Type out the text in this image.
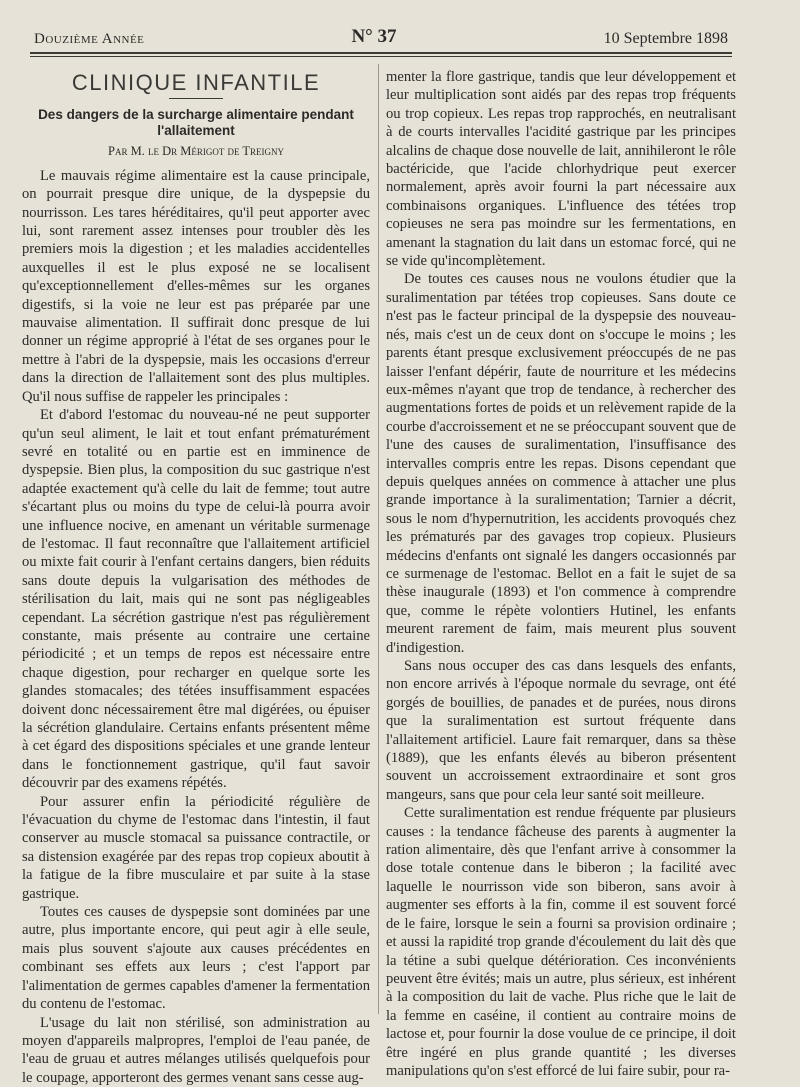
Douzième Année	N° 37	10 Septembre 1898
CLINIQUE INFANTILE
Des dangers de la surcharge alimentaire pendant l'allaitement
Par M. le Dr Mérigot de Treigny

Le mauvais régime alimentaire est la cause principale, on pourrait presque dire unique, de la dyspepsie du nourrisson. Les tares héréditaires, qu'il peut apporter avec lui, sont rarement assez intenses pour troubler dès les premiers mois la digestion ; et les maladies accidentelles auxquelles il est le plus exposé ne se localisent qu'exceptionnellement d'elles-mêmes sur les organes digestifs, si la voie ne leur est pas préparée par une mauvaise alimentation. Il suffirait donc presque de lui donner un régime approprié à l'état de ses organes pour le mettre à l'abri de la dyspepsie, mais les occasions d'erreur dans la direction de l'allaitement sont des plus multiples. Qu'il nous suffise de rappeler les principales :

Et d'abord l'estomac du nouveau-né ne peut supporter qu'un seul aliment, le lait et tout enfant prématurément sevré en totalité ou en partie est en imminence de dyspepsie. Bien plus, la composition du suc gastrique n'est adaptée exactement qu'à celle du lait de femme; tout autre s'écartant plus ou moins du type de celui-là pourra avoir une influence nocive, en amenant un véritable surmenage de l'estomac. Il faut reconnaître que l'allaitement artificiel ou mixte fait courir à l'enfant certains dangers, bien réduits sans doute depuis la vulgarisation des méthodes de stérilisation du lait, mais qui ne sont pas négligeables cependant. La sécrétion gastrique n'est pas régulièrement constante, mais présente au contraire une certaine périodicité ; et un temps de repos est nécessaire entre chaque digestion, pour recharger en quelque sorte les glandes stomacales; des tétées insuffisamment espacées doivent donc nécessairement être mal digérées, ou épuiser la sécrétion glandulaire. Certains enfants présentent même à cet égard des dispositions spéciales et une grande lenteur dans le fonctionnement gastrique, qu'il faut savoir découvrir par des examens répétés.

Pour assurer enfin la périodicité régulière de l'évacuation du chyme de l'estomac dans l'intestin, il faut conserver au muscle stomacal sa puissance contractile, or sa distension exagérée par des repas trop copieux aboutit à la fatigue de la fibre musculaire et par suite à la stase gastrique.

Toutes ces causes de dyspepsie sont dominées par une autre, plus importante encore, qui peut agir à elle seule, mais plus souvent s'ajoute aux causes précédentes en combinant ses effets aux leurs ; c'est l'apport par l'alimentation de germes capables d'amener la fermentation du contenu de l'estomac.

L'usage du lait non stérilisé, son administration au moyen d'appareils malpropres, l'emploi de l'eau panée, de l'eau de gruau et autres mélanges utilisés quelquefois pour le coupage, apporteront des germes venant sans cesse aug-

menter la flore gastrique, tandis que leur développement et leur multiplication sont aidés par des repas trop fréquents ou trop copieux. Les repas trop rapprochés, en neutralisant à de courts intervalles l'acidité gastrique par les principes alcalins de chaque dose nouvelle de lait, annihileront le rôle bactéricide, que l'acide chlorhydrique peut exercer normalement, après avoir fourni la part nécessaire aux combinaisons organiques. L'influence des tétées trop copieuses ne sera pas moindre sur les fermentations, en amenant la stagnation du lait dans un estomac forcé, qui ne se vide qu'incomplètement.

De toutes ces causes nous ne voulons étudier que la suralimentation par tétées trop copieuses. Sans doute ce n'est pas le facteur principal de la dyspepsie des nouveau-nés, mais c'est un de ceux dont on s'occupe le moins ; les parents étant presque exclusivement préoccupés de ne pas laisser l'enfant dépérir, faute de nourriture et les médecins eux-mêmes n'ayant que trop de tendance, à rechercher des augmentations fortes de poids et un relèvement rapide de la courbe d'accroissement et ne se préoccupant souvent que de l'une des causes de suralimentation, l'insuffisance des intervalles compris entre les repas. Disons cependant que depuis quelques années on commence à attacher une plus grande importance à la suralimentation; Tarnier a décrit, sous le nom d'hypernutrition, les accidents provoqués chez les prématurés par des gavages trop copieux. Plusieurs médecins d'enfants ont signalé les dangers occasionnés par ce surmenage de l'estomac. Bellot en a fait le sujet de sa thèse inaugurale (1893) et l'on commence à comprendre que, comme le répète volontiers Hutinel, les enfants meurent rarement de faim, mais meurent plus souvent d'indigestion.

Sans nous occuper des cas dans lesquels des enfants, non encore arrivés à l'époque normale du sevrage, ont été gorgés de bouillies, de panades et de purées, nous dirons que la suralimentation est surtout fréquente dans l'allaitement artificiel. Laure fait remarquer, dans sa thèse (1889), que les enfants élevés au biberon présentent souvent un accroissement extraordinaire et sont gros mangeurs, sans que pour cela leur santé soit meilleure.

Cette suralimentation est rendue fréquente par plusieurs causes : la tendance fâcheuse des parents à augmenter la ration alimentaire, dès que l'enfant arrive à consommer la dose totale contenue dans le biberon ; la facilité avec laquelle le nourrisson vide son biberon, sans avoir à augmenter ses efforts à la fin, comme il est souvent forcé de le faire, lorsque le sein a fourni sa provision ordinaire ; et aussi la rapidité trop grande d'écoulement du lait dès que la tétine a subi quelque détérioration. Ces inconvénients peuvent être évités; mais un autre, plus sérieux, est inhérent à la composition du lait de vache. Plus riche que le lait de la femme en caséine, il contient au contraire moins de lactose et, pour fournir la dose voulue de ce principe, il doit être ingéré en plus grande quantité ; les diverses manipulations qu'on s'est efforcé de lui faire subir, pour ra-
